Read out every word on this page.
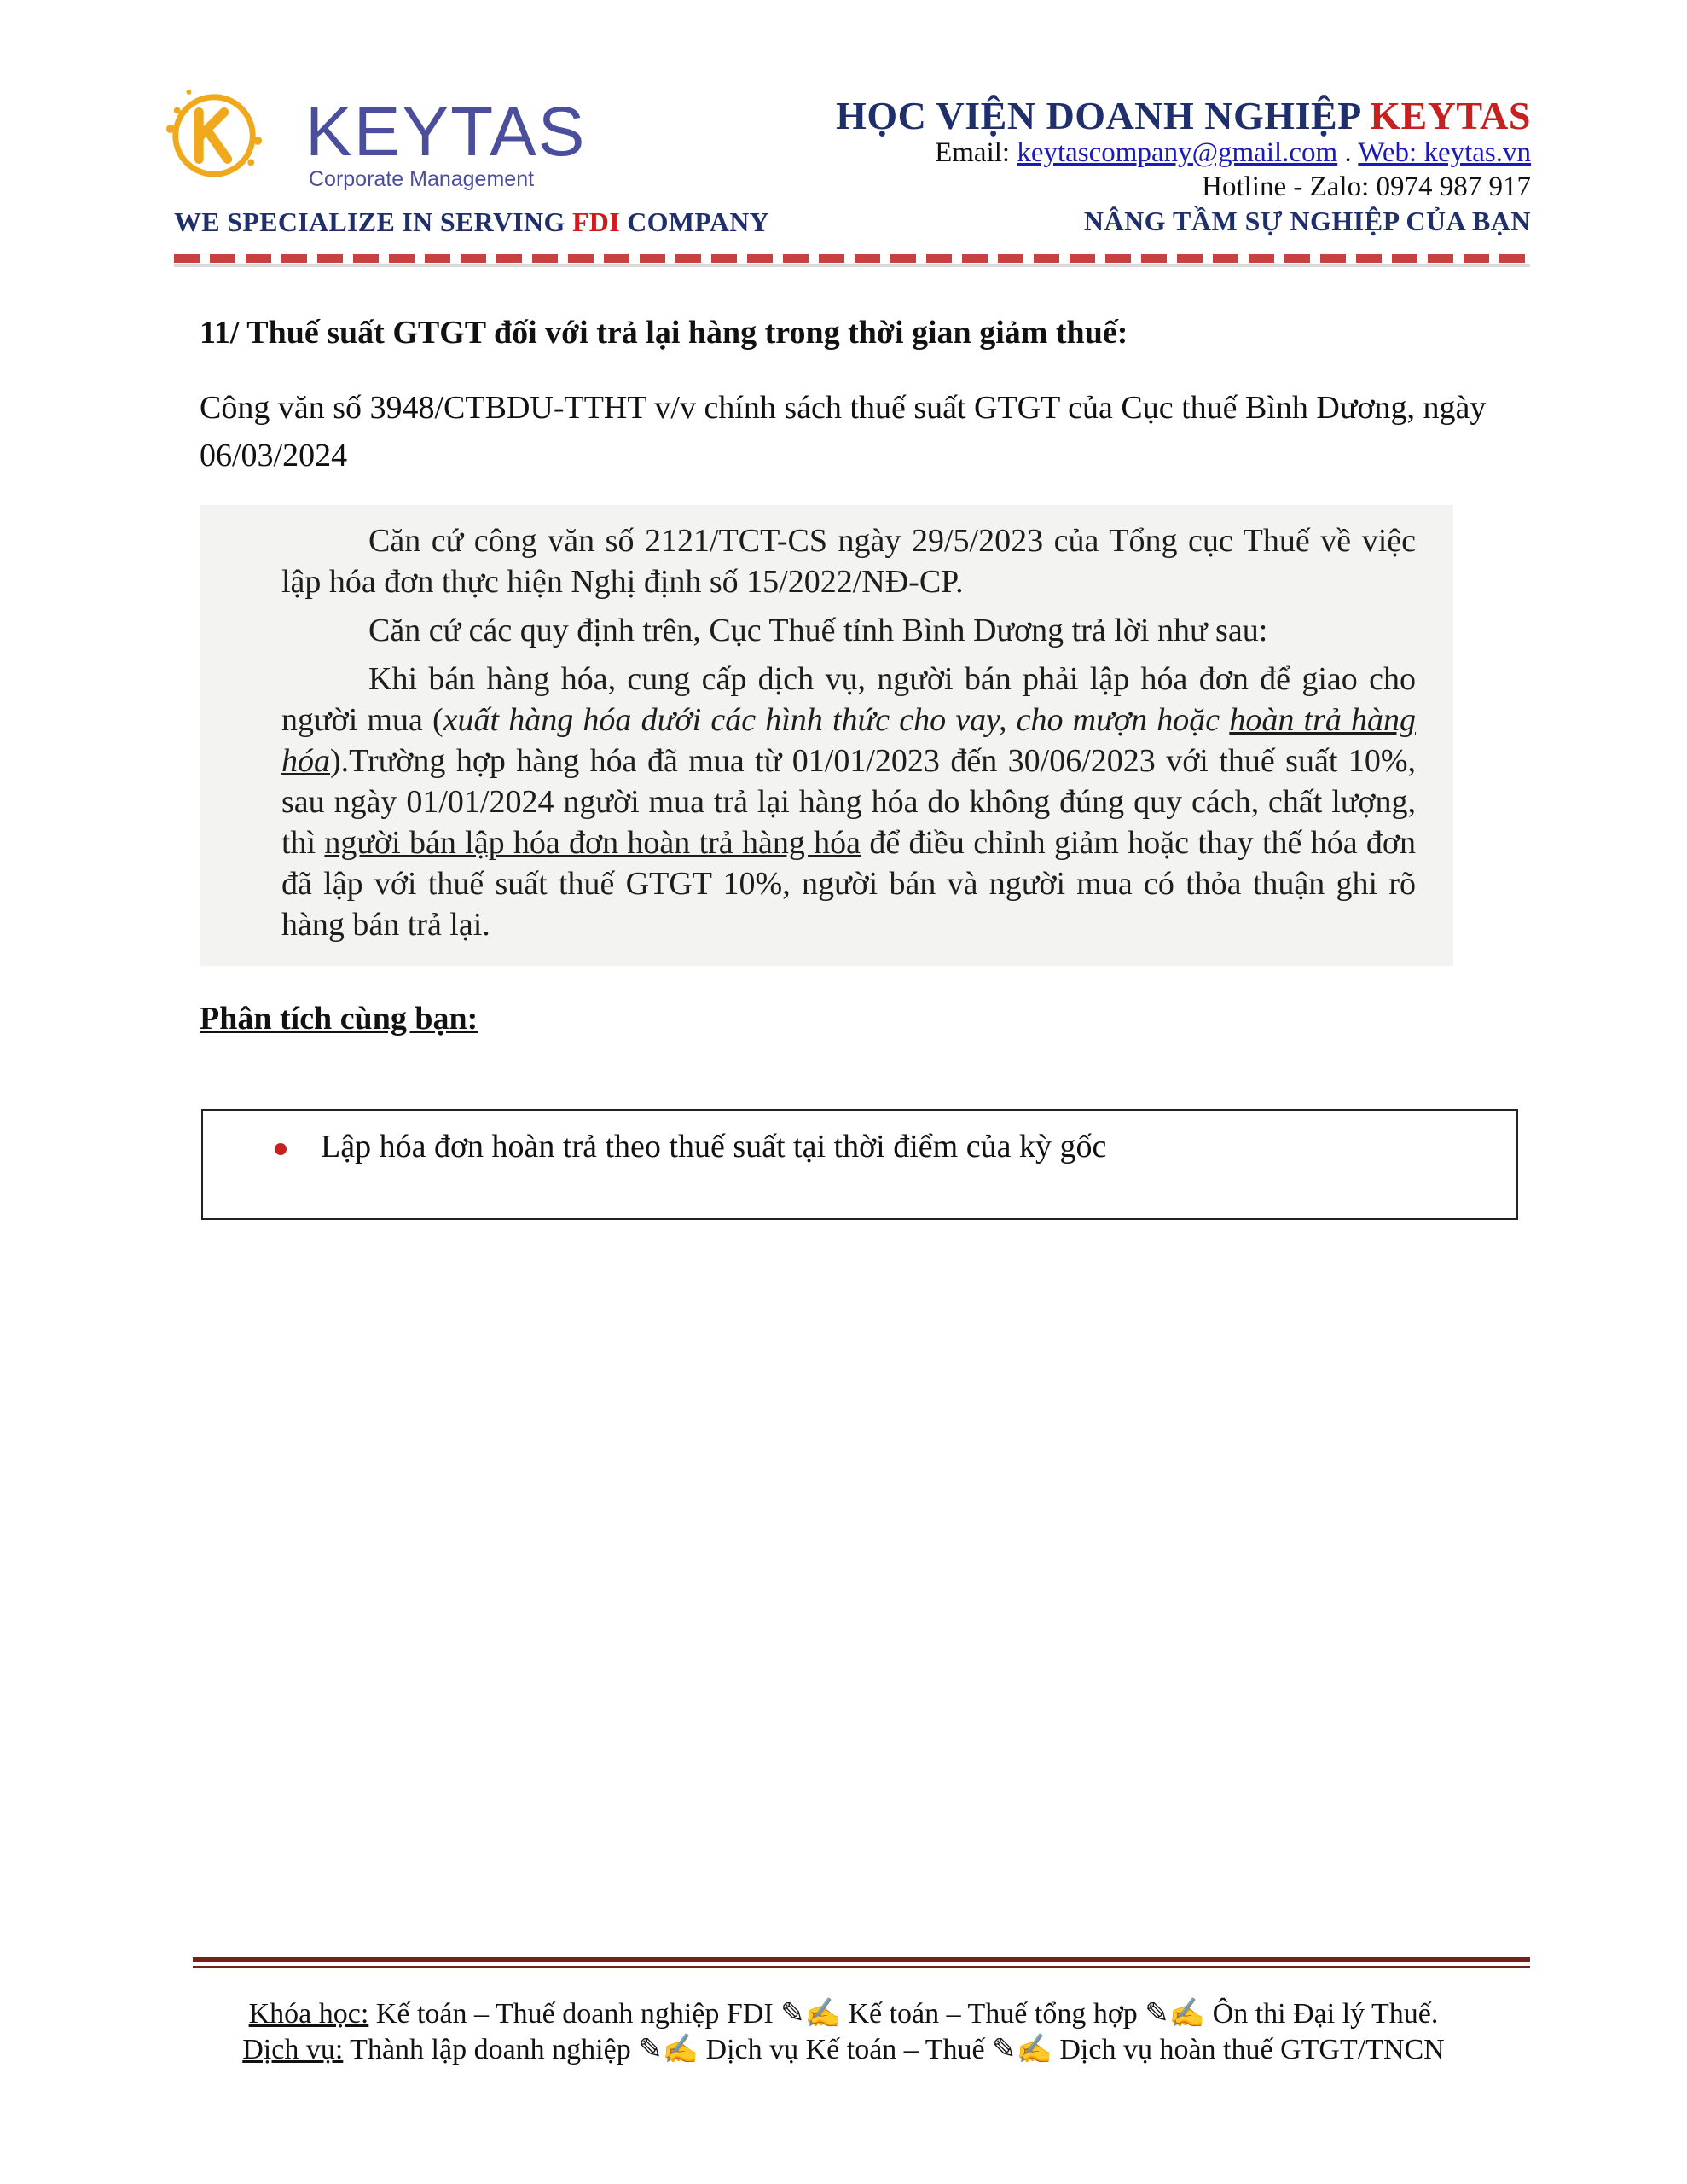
KEYTAS
Corporate Management
WE SPECIALIZE IN SERVING FDI COMPANY
HỌC VIỆN DOANH NGHIỆP KEYTAS
Email: keytascompany@gmail.com . Web: keytas.vn
Hotline - Zalo: 0974 987 917
NÂNG TẦM SỰ NGHIỆP CỦA BẠN
11/ Thuế suất GTGT đối với trả lại hàng trong thời gian giảm thuế:
Công văn số 3948/CTBDU-TTHT v/v chính sách thuế suất GTGT của Cục thuế Bình Dương, ngày 06/03/2024

Căn cứ công văn số 2121/TCT-CS ngày 29/5/2023 của Tổng cục Thuế về việc lập hóa đơn thực hiện Nghị định số 15/2022/NĐ-CP.

Căn cứ các quy định trên, Cục Thuế tỉnh Bình Dương trả lời như sau:

Khi bán hàng hóa, cung cấp dịch vụ, người bán phải lập hóa đơn để giao cho người mua (xuất hàng hóa dưới các hình thức cho vay, cho mượn hoặc hoàn trả hàng hóa).Trường hợp hàng hóa đã mua từ 01/01/2023 đến 30/06/2023 với thuế suất 10%, sau ngày 01/01/2024 người mua trả lại hàng hóa do không đúng quy cách, chất lượng, thì người bán lập hóa đơn hoàn trả hàng hóa để điều chỉnh giảm hoặc thay thế hóa đơn đã lập với thuế suất thuế GTGT 10%, người bán và người mua có thỏa thuận ghi rõ hàng bán trả lại.

Phân tích cùng bạn:
Lập hóa đơn hoàn trả theo thuế suất tại thời điểm của kỳ gốc
Khóa học: Kế toán – Thuế doanh nghiệp FDI ✎✍ Kế toán – Thuế tổng hợp ✎✍ Ôn thi Đại lý Thuế.
Dịch vụ: Thành lập doanh nghiệp ✎✍ Dịch vụ Kế toán – Thuế ✎✍ Dịch vụ hoàn thuế GTGT/TNCN
